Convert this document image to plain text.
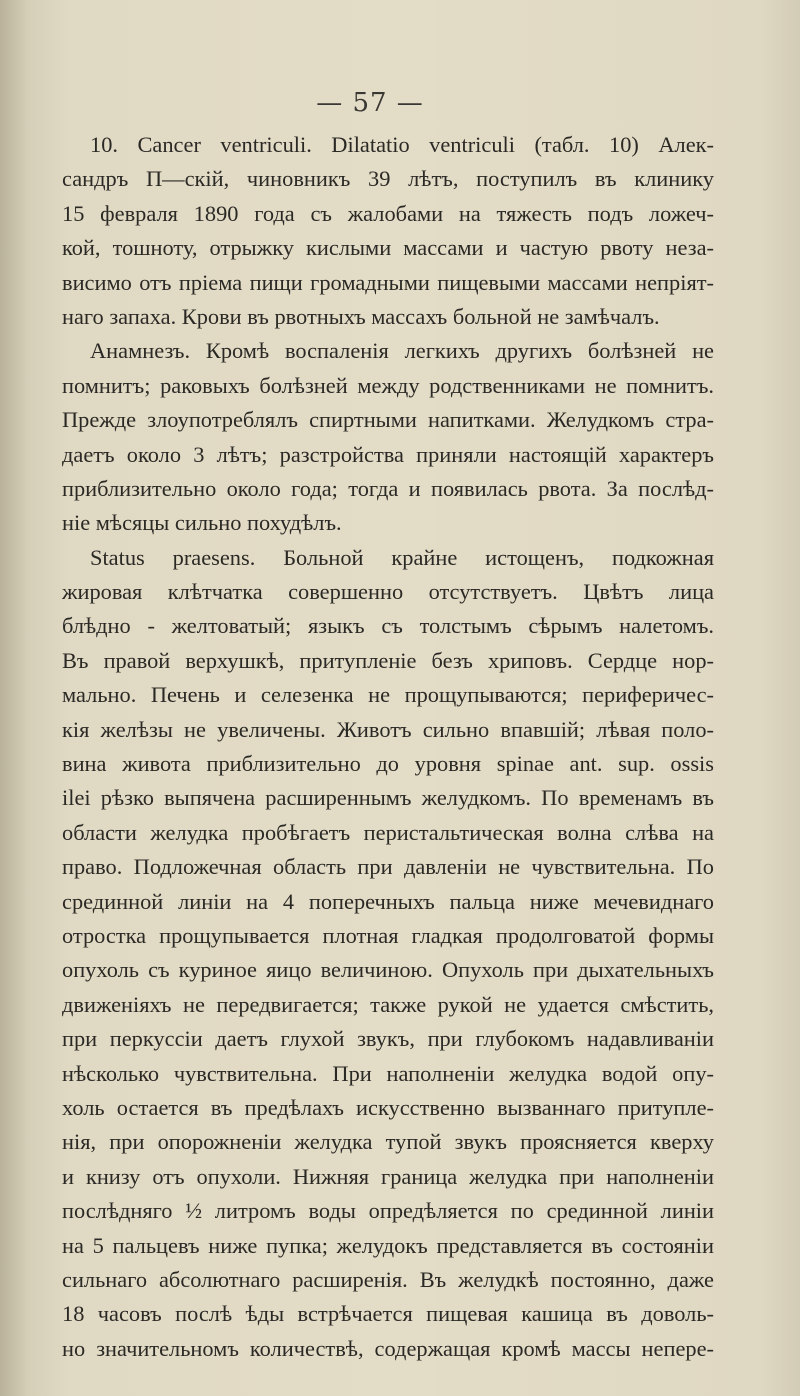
— 57 —
10. Cancer ventriculi. Dilatatio ventriculi (табл. 10) Алек-
сандръ П—скій, чиновникъ 39 лѣтъ, поступилъ въ клинику
15 февраля 1890 года съ жалобами на тяжесть подъ ложеч-
кой, тошноту, отрыжку кислыми массами и частую рвоту неза-
висимо отъ пріема пищи громадными пищевыми массами непріят-
наго запаха. Крови въ рвотныхъ массахъ больной не замѣчалъ.
Анамнезъ. Кромѣ воспаленія легкихъ другихъ болѣзней не
помнитъ; раковыхъ болѣзней между родственниками не помнитъ.
Прежде злоупотреблялъ спиртными напитками. Желудкомъ стра-
даетъ около 3 лѣтъ; разстройства приняли настоящій характеръ
приблизительно около года; тогда и появилась рвота. За послѣд-
ніе мѣсяцы сильно похудѣлъ.
Status praesens. Больной крайне истощенъ, подкожная
жировая клѣтчатка совершенно отсутствуетъ. Цвѣтъ лица
блѣдно - желтоватый; языкъ съ толстымъ сѣрымъ налетомъ.
Въ правой верхушкѣ, притупленіе безъ хриповъ. Сердце нор-
мально. Печень и селезенка не прощупываются; периферичес-
кія желѣзы не увеличены. Животъ сильно впавшій; лѣвая поло-
вина живота приблизительно до уровня spinae ant. sup. ossis
ilei рѣзко выпячена расширеннымъ желудкомъ. По временамъ въ
области желудка пробѣгаетъ перистальтическая волна слѣва на
право. Подложечная область при давленіи не чувствительна. По
срединной линіи на 4 поперечныхъ пальца ниже мечевиднаго
отростка прощупывается плотная гладкая продолговатой формы
опухоль съ куриное яицо величиною. Опухоль при дыхательныхъ
движеніяхъ не передвигается; также рукой не удается смѣстить,
при перкуссіи даетъ глухой звукъ, при глубокомъ надавливаніи
нѣсколько чувствительна. При наполненіи желудка водой опу-
холь остается въ предѣлахъ искусственно вызваннаго притупле-
нія, при опорожненіи желудка тупой звукъ проясняется кверху
и книзу отъ опухоли. Нижняя граница желудка при наполненіи
послѣдняго ½ литромъ воды опредѣляется по срединной линіи
на 5 пальцевъ ниже пупка; желудокъ представляется въ состояніи
сильнаго абсолютнаго расширенія. Въ желудкѣ постоянно, даже
18 часовъ послѣ ѣды встрѣчается пищевая кашица въ доволь-
но значительномъ количествѣ, содержащая кромѣ массы непере-
